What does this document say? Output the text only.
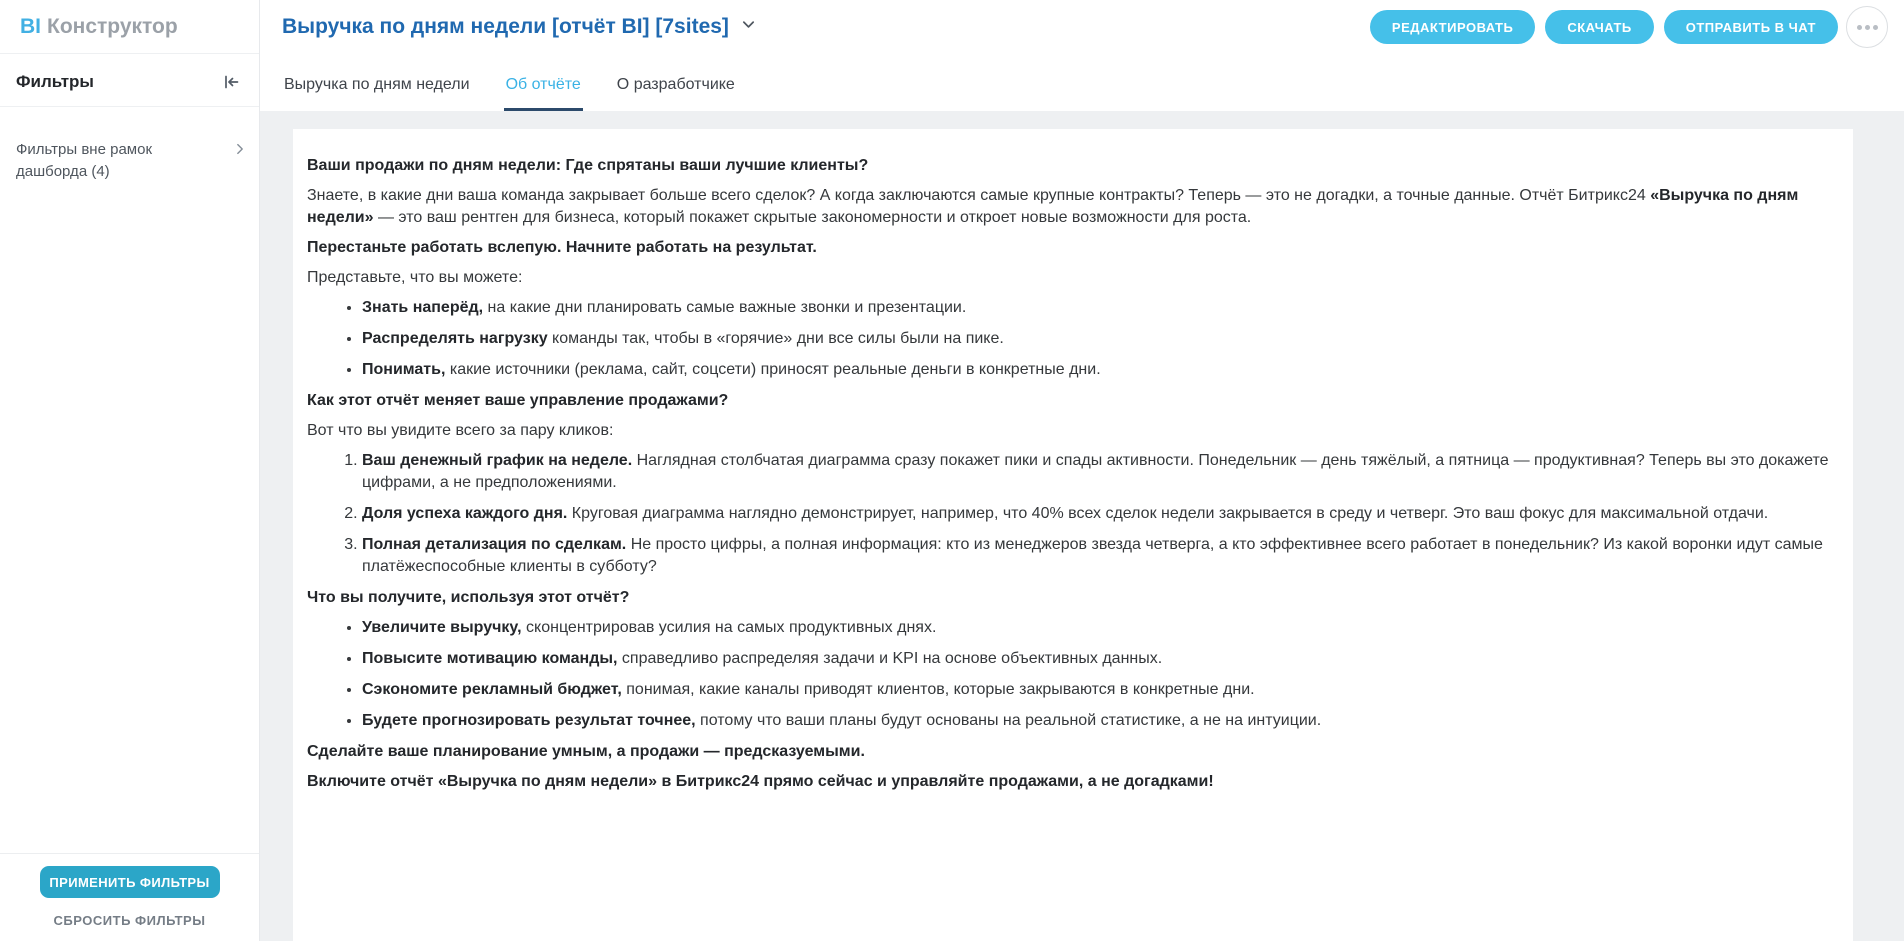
BI Конструктор
Фильтры
Фильтры вне рамок дашборда (4)
ПРИМЕНИТЬ ФИЛЬТРЫ
СБРОСИТЬ ФИЛЬТРЫ
Выручка по дням недели [отчёт BI] [7sites]	РЕДАКТИРОВАТЬ	СКАЧАТЬ	ОТПРАВИТЬ В ЧАТ
Выручка по дням недели Об отчёте О разработчике

Ваши продажи по дням недели: Где спрятаны ваши лучшие клиенты?

Знаете, в какие дни ваша команда закрывает больше всего сделок? А когда заключаются самые крупные контракты? Теперь — это не догадки, а точные данные. Отчёт Битрикс24 «Выручка по дням недели» — это ваш рентген для бизнеса, который покажет скрытые закономерности и откроет новые возможности для роста.

Перестаньте работать вслепую. Начните работать на результат.

Представьте, что вы можете:

• Знать наперёд, на какие дни планировать самые важные звонки и презентации.
• Распределять нагрузку команды так, чтобы в «горячие» дни все силы были на пике.
• Понимать, какие источники (реклама, сайт, соцсети) приносят реальные деньги в конкретные дни.

Как этот отчёт меняет ваше управление продажами?

Вот что вы увидите всего за пару кликов:

1. Ваш денежный график на неделе. Наглядная столбчатая диаграмма сразу покажет пики и спады активности. Понедельник — день тяжёлый, а пятница — продуктивная? Теперь вы это докажете цифрами, а не предположениями.
2. Доля успеха каждого дня. Круговая диаграмма наглядно демонстрирует, например, что 40% всех сделок недели закрывается в среду и четверг. Это ваш фокус для максимальной отдачи.
3. Полная детализация по сделкам. Не просто цифры, а полная информация: кто из менеджеров звезда четверга, а кто эффективнее всего работает в понедельник? Из какой воронки идут самые платёжеспособные клиенты в субботу?

Что вы получите, используя этот отчёт?

• Увеличите выручку, сконцентрировав усилия на самых продуктивных днях.
• Повысите мотивацию команды, справедливо распределяя задачи и KPI на основе объективных данных.
• Сэкономите рекламный бюджет, понимая, какие каналы приводят клиентов, которые закрываются в конкретные дни.
• Будете прогнозировать результат точнее, потому что ваши планы будут основаны на реальной статистике, а не на интуиции.

Сделайте ваше планирование умным, а продажи — предсказуемыми.

Включите отчёт «Выручка по дням недели» в Битрикс24 прямо сейчас и управляйте продажами, а не догадками!
